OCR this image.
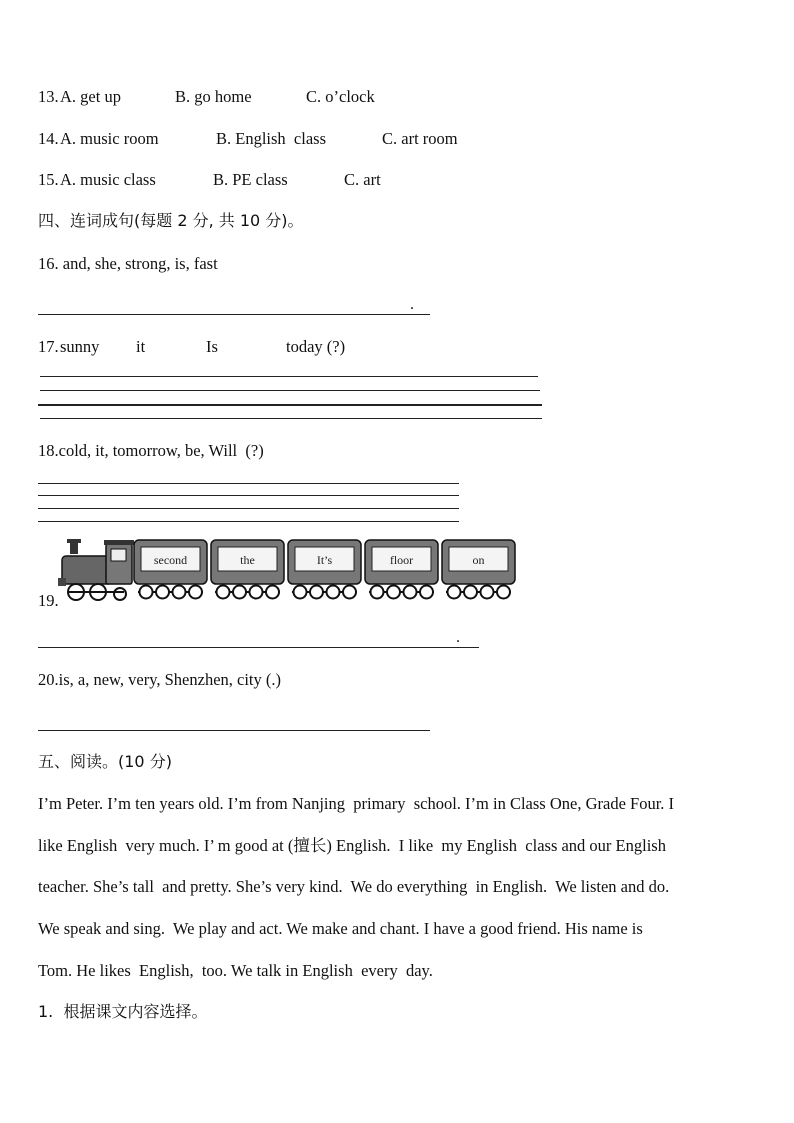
13. A. get up	B. go home	C. o’clock
14. A. music room	B. English  class	C. art room
15. A. music class	B. PE class	C. art
四、连词成句(每题 2 分, 共 10 分)。
16. and, she, strong, is, fast
.
17. sunny it	Is	today (?)
18.cold, it, tomorrow, be, Will  (?)
19.
second	the	It’s	floor	on
.
20.is, a, new, very, Shenzhen, city (.)
五、阅读。(10 分)
I’m Peter. I’m ten years old. I’m from Nanjing  primary  school. I’m in Class One, Grade Four. I
like English  very much. I’ m good at (擅长) English.  I like  my English  class and our English
teacher. She’s tall  and pretty. She’s very kind.  We do everything  in English.  We listen and do.
We speak and sing.  We play and act. We make and chant. I have a good friend. His name is
Tom. He likes  English,  too. We talk in English  every  day.
1.  根据课文内容选择。
